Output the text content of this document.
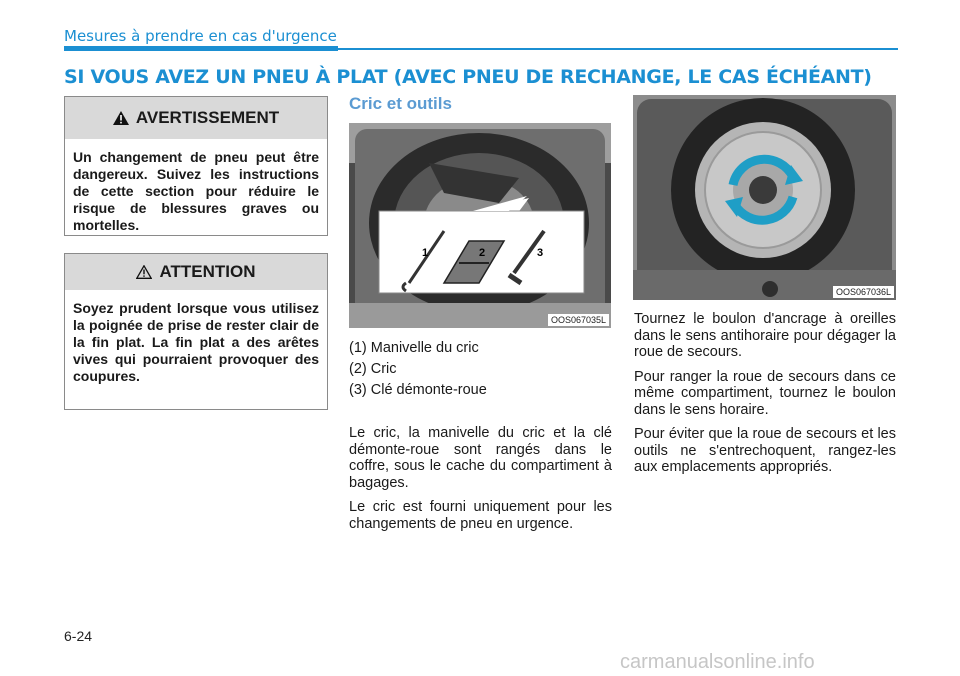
Mesures à prendre en cas d'urgence
SI VOUS AVEZ UN PNEU À PLAT (AVEC PNEU DE RECHANGE, LE CAS ÉCHÉANT)
AVERTISSEMENT
Un changement de pneu peut être dangereux. Suivez les instructions de cette section pour réduire le risque de blessures graves ou mortelles.
ATTENTION
Soyez prudent lorsque vous utilisez la poignée de prise de rester clair de la fin plat. La fin plat a des arêtes vives qui pourraient provoquer des coupures.
Cric et outils
1	2	3
OOS067035L
OOS067036L
(1) Manivelle du cric
(2) Cric
(3) Clé démonte-roue

Le cric, la manivelle du cric et la clé démonte-roue sont rangés dans le coffre, sous le cache du compartiment à bagages.

Le cric est fourni uniquement pour les changements de pneu en urgence.

Tournez le boulon d'ancrage à oreilles dans le sens antihoraire pour dégager la roue de secours.

Pour ranger la roue de secours dans ce même compartiment, tournez le boulon dans le sens horaire.

Pour éviter que la roue de secours et les outils ne s'entrechoquent, rangez-les aux emplacements appropriés.

6-24
carmanualsonline.info
